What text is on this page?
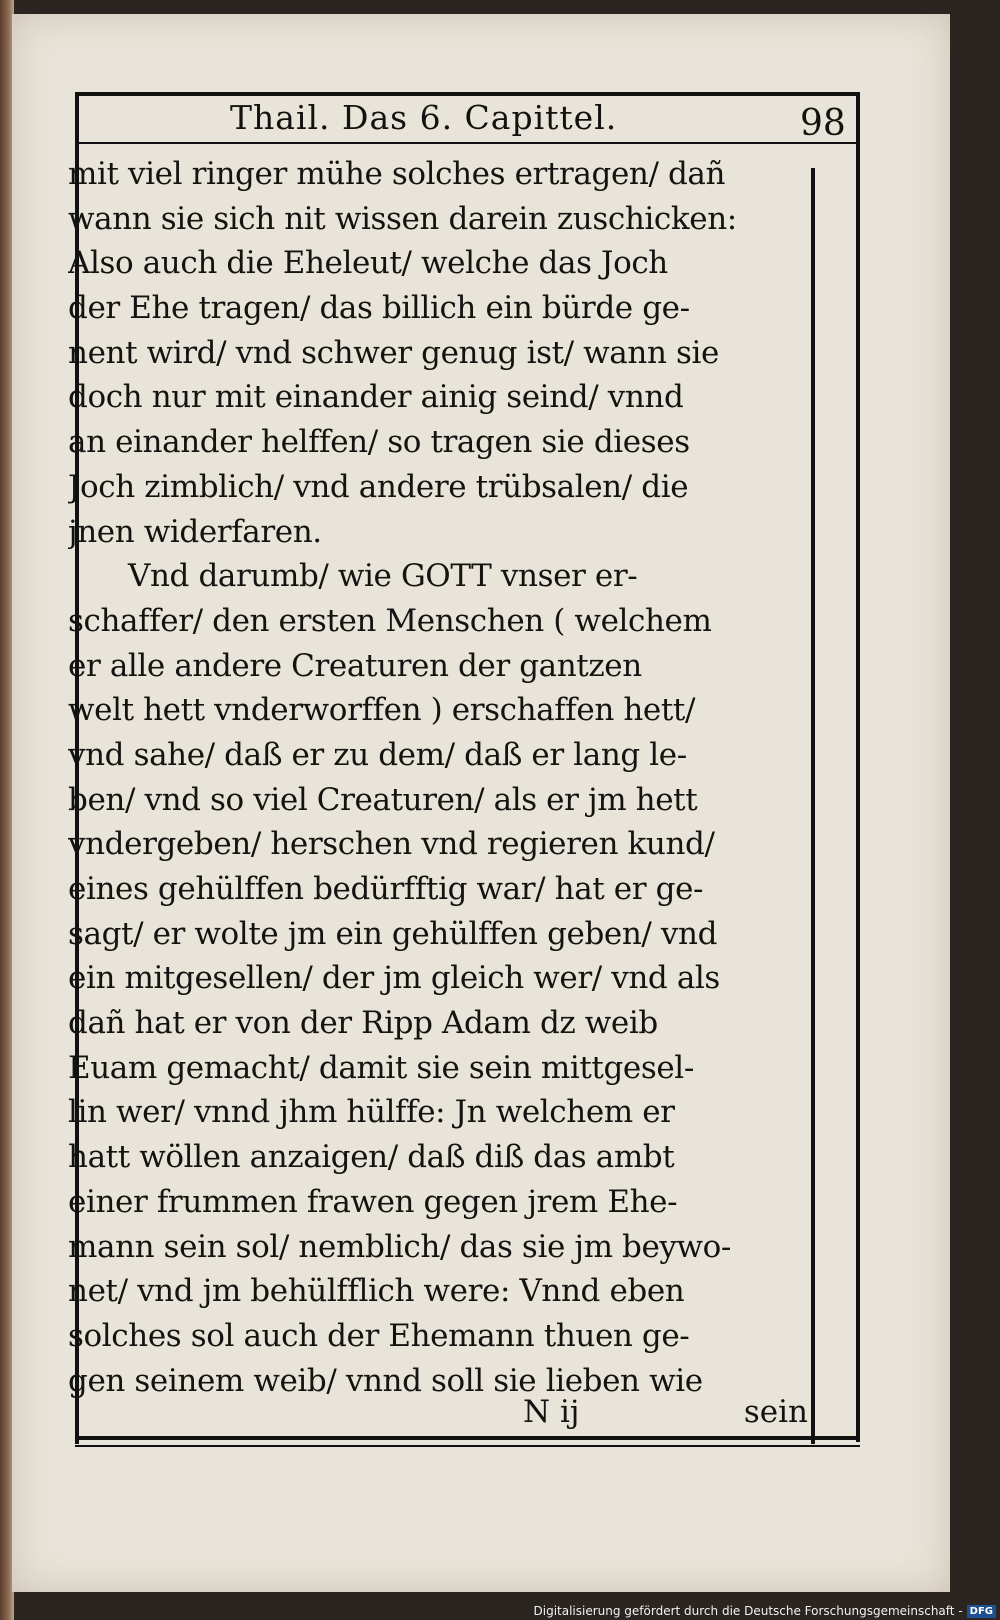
Thail. Das 6. Capittel.	98
mit viel ringer mühe solches ertragen/ dañ
wann sie sich nit wissen darein zuschicken:
Also auch die Eheleut/ welche das Joch
der Ehe tragen/ das billich ein bürde ge-
nent wird/ vnd schwer genug ist/ wann sie
doch nur mit einander ainig seind/ vnnd
an einander helffen/ so tragen sie dieses
Joch zimblich/ vnd andere trübsalen/ die
jnen widerfaren.
Vnd darumb/ wie GOTT vnser er-
schaffer/ den ersten Menschen ( welchem
er alle andere Creaturen der gantzen
welt hett vnderworffen ) erschaffen hett/
vnd sahe/ daß er zu dem/ daß er lang le-
ben/ vnd so viel Creaturen/ als er jm hett
vndergeben/ herschen vnd regieren kund/
eines gehülffen bedürfftig war/ hat er ge-
sagt/ er wolte jm ein gehülffen geben/ vnd
ein mitgesellen/ der jm gleich wer/ vnd als
dañ hat er von der Ripp Adam dz weib
Euam gemacht/ damit sie sein mittgesel-
lin wer/ vnnd jhm hülffe: Jn welchem er
hatt wöllen anzaigen/ daß diß das ambt
einer frummen frawen gegen jrem Ehe-
mann sein sol/ nemblich/ das sie jm beywo-
net/ vnd jm behülfflich were: Vnnd eben
solches sol auch der Ehemann thuen ge-
gen seinem weib/ vnnd soll sie lieben wie
N ij	sein
Digitalisierung gefördert durch die Deutsche Forschungsgemeinschaft - DFG
